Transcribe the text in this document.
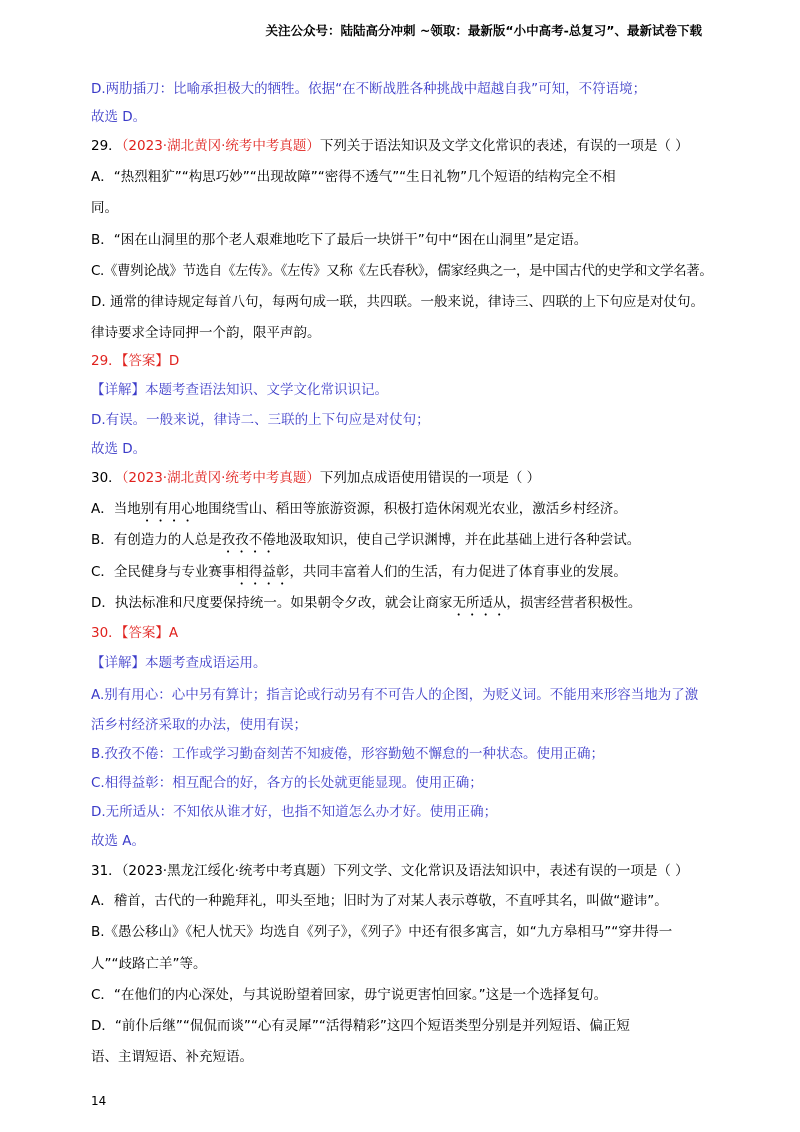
关注公众号：陆陆高分冲刺 ~领取：最新版“小中高考-总复习”、最新试卷下载
D.两肋插刀：比喻承担极大的牺牲。依据“在不断战胜各种挑战中超越自我”可知，不符语境；
故选 D。
29．（2023·湖北黄冈·统考中考真题）下列关于语法知识及文学文化常识的表述，有误的一项是（ ）
A．“热烈粗犷”“构思巧妙”“出现故障”“密得不透气”“生日礼物”几个短语的结构完全不相
同。
B．“困在山洞里的那个老人艰难地吃下了最后一块饼干”句中“困在山洞里”是定语。
C.《曹刿论战》节选自《左传》。《左传》又称《左氏春秋》，儒家经典之一，是中国古代的史学和文学名著。
D. 通常的律诗规定每首八句，每两句成一联，共四联。一般来说，律诗三、四联的上下句应是对仗句。
律诗要求全诗同押一个韵，限平声韵。
29．【答案】D
【详解】本题考查语法知识、文学文化常识识记。
D.有误。一般来说，律诗二、三联的上下句应是对仗句；
故选 D。
30．（2023·湖北黄冈·统考中考真题）下列加点成语使用错误的一项是（ ）
A．当地别有用心地围绕雪山、稻田等旅游资源，积极打造休闲观光农业，激活乡村经济。
B．有创造力的人总是孜孜不倦地汲取知识，使自己学识渊博，并在此基础上进行各种尝试。
C．全民健身与专业赛事相得益彰，共同丰富着人们的生活，有力促进了体育事业的发展。
D．执法标准和尺度要保持统一。如果朝令夕改，就会让商家无所适从，损害经营者积极性。
30．【答案】A
【详解】本题考查成语运用。
A.别有用心：心中另有算计；指言论或行动另有不可告人的企图，为贬义词。不能用来形容当地为了激
活乡村经济采取的办法，使用有误；
B.孜孜不倦：工作或学习勤奋刻苦不知疲倦，形容勤勉不懈怠的一种状态。使用正确；
C.相得益彰：相互配合的好，各方的长处就更能显现。使用正确；
D.无所适从：不知依从谁才好，也指不知道怎么办才好。使用正确；
故选 A。
31．（2023·黑龙江绥化·统考中考真题）下列文学、文化常识及语法知识中，表述有误的一项是（ ）
A．稽首，古代的一种跪拜礼，叩头至地；旧时为了对某人表示尊敬，不直呼其名，叫做“避讳”。
B.《愚公移山》《杞人忧天》均选自《列子》，《列子》中还有很多寓言，如“九方皋相马”“穿井得一
人”“歧路亡羊”等。
C．“在他们的内心深处，与其说盼望着回家，毋宁说更害怕回家。”这是一个选择复句。
D．“前仆后继”“侃侃而谈”“心有灵犀”“活得精彩”这四个短语类型分别是并列短语、偏正短
语、主谓短语、补充短语。
14
